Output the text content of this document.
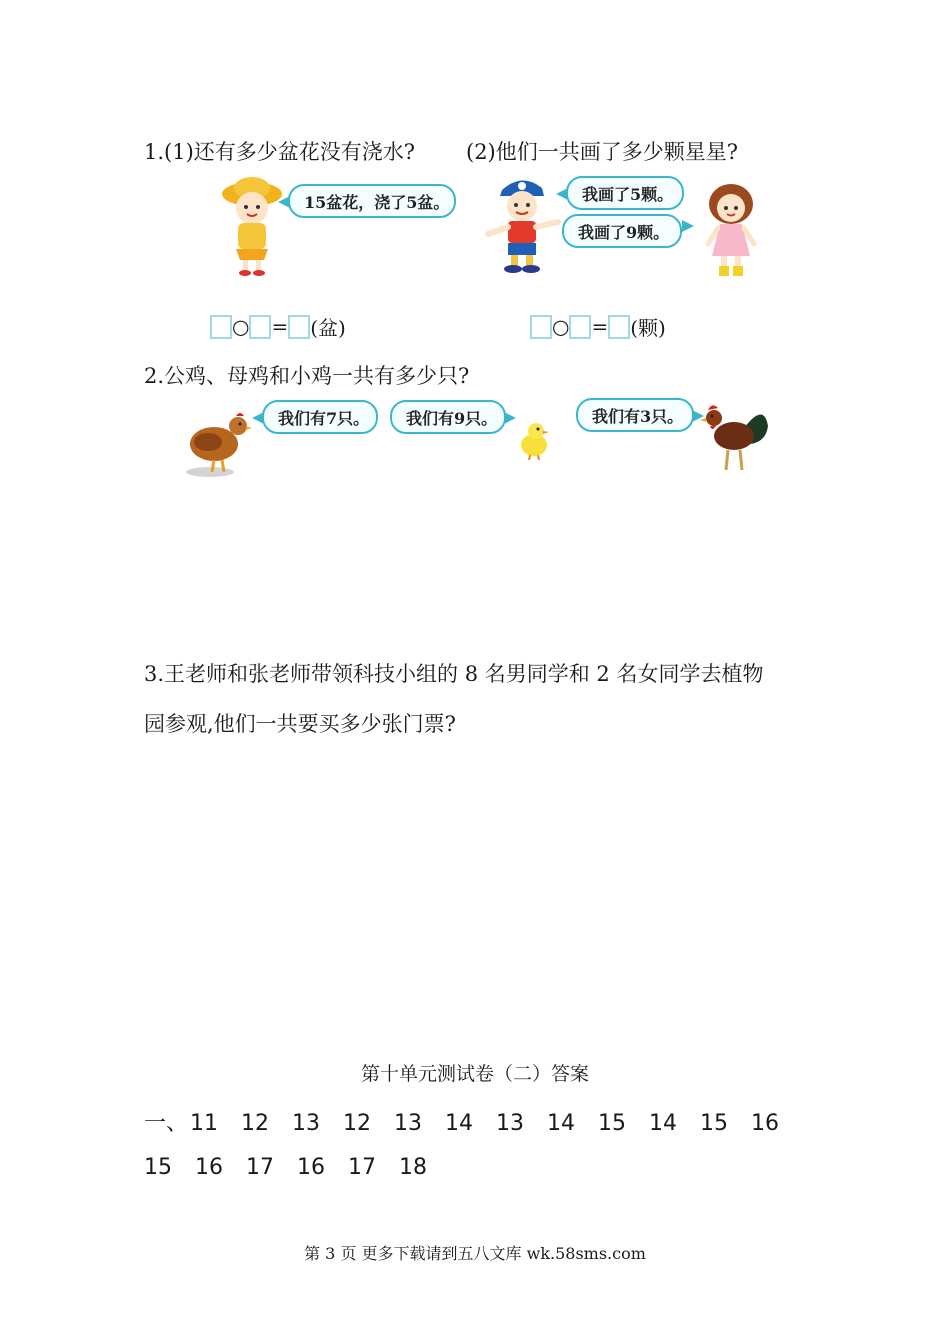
1.(1)还有多少盆花没有浇水? (2)他们一共画了多少颗星星?
15盆花，浇了5盆。	我画了5颗。
我画了9颗。
○ = (盆)	○ = (颗)
2.公鸡、母鸡和小鸡一共有多少只?
我们有7只。	我们有9只。	我们有3只。
3.王老师和张老师带领科技小组的 8 名男同学和 2 名女同学去植物
园参观,他们一共要买多少张门票?
第十单元测试卷（二）答案
一、11 12 13 12 13 14 13 14 15 14 15 16
15 16 17 16 17 18
第 3 页 更多下载请到五八文库 wk.58sms.com
